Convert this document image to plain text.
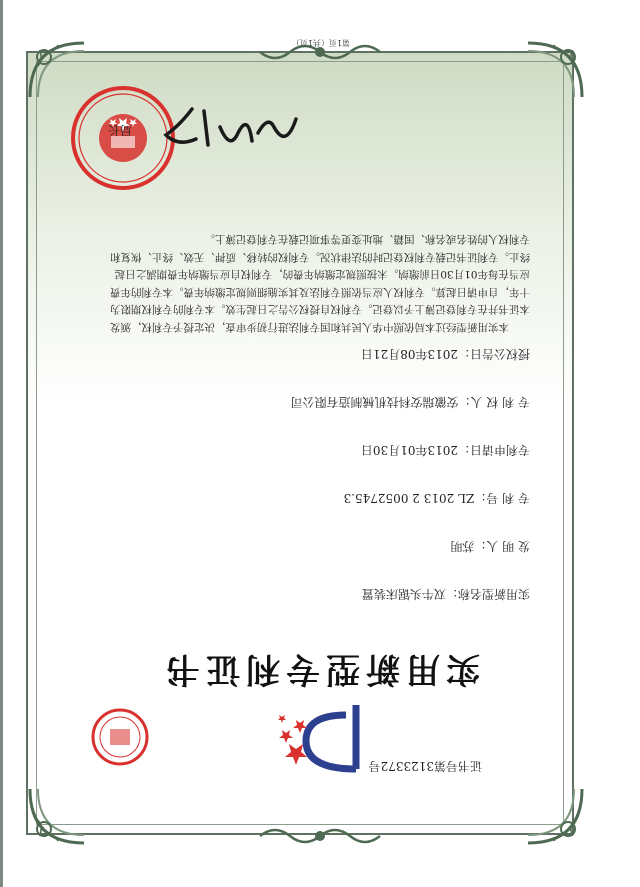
证书号第3123372号
实用新型专利证书
实用新型名称：双牛头锯床装置
发 明 人：苏明
专 利 号：ZL 2013 2 0052745.3
专利申请日：2013年01月30日
专 利 权 人：安徽瑞安科技机械制造有限公司
授权公告日：2013年08月21日
本实用新型经过本局依照中华人民共和国专利法进行初步审查，决定授予专利权，颁发本证书并在专利登记簿上予以登记。专利权自授权公告之日起生效。本专利的专利权期限为十年，自申请日起算。专利权人应当依照专利法及其实施细则规定缴纳年费。本专利的年费应当在每年01月30日前缴纳。未按照规定缴纳年费的，专利权自应当缴纳年费期满之日起终止。专利证书记载专利权登记时的法律状况。专利权的转移、质押、无效、终止、恢复和专利权人的姓名或名称、国籍、地址变更等事项记载在专利登记簿上。
局长
第1页（共1页）
